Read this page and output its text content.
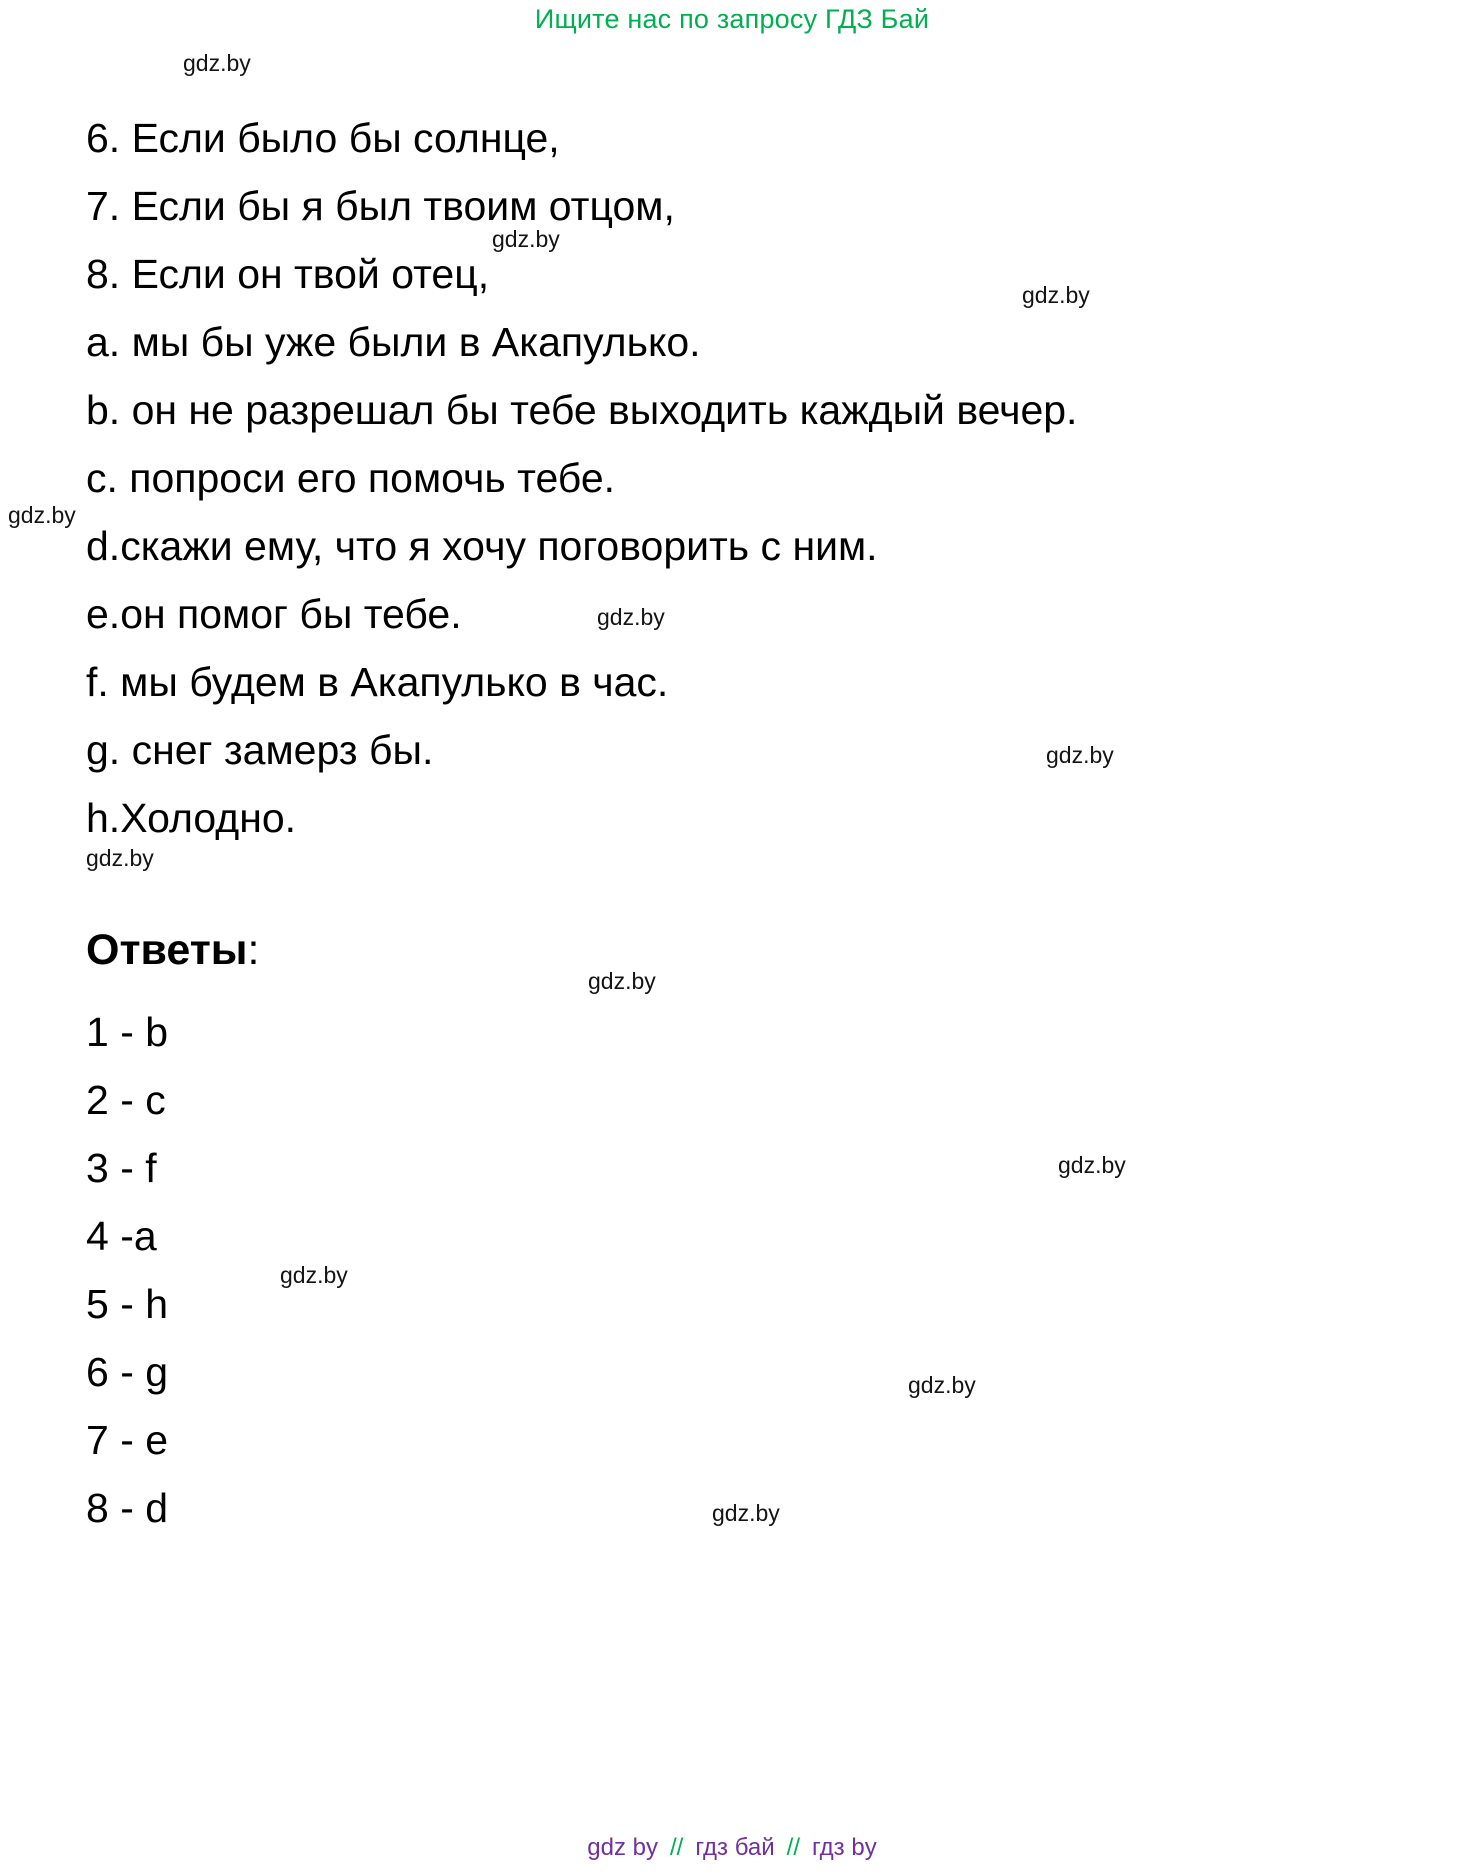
Ищите нас по запросу ГДЗ Бай
gdz.by
gdz.by
gdz.by
gdz.by
gdz.by
gdz.by
gdz.by
gdz.by
gdz.by
gdz.by
gdz.by
gdz.by
6. Если было бы солнце,
7. Если бы я был твоим отцом,
8. Если он твой отец,
a. мы бы уже были в Акапулько.
b. он не разрешал бы тебе выходить каждый вечер.
c. попроси его помочь тебе.
d.скажи ему, что я хочу поговорить с ним.
e.он помог бы тебе.
f. мы будем в Акапулько в час.
g. снег замерз бы.
h.Холодно.
Ответы:
1 - b
2 - c
3 - f
4 -a
5 - h
6 - g
7 - e
8 - d
gdz by // гдз бай // гдз by
